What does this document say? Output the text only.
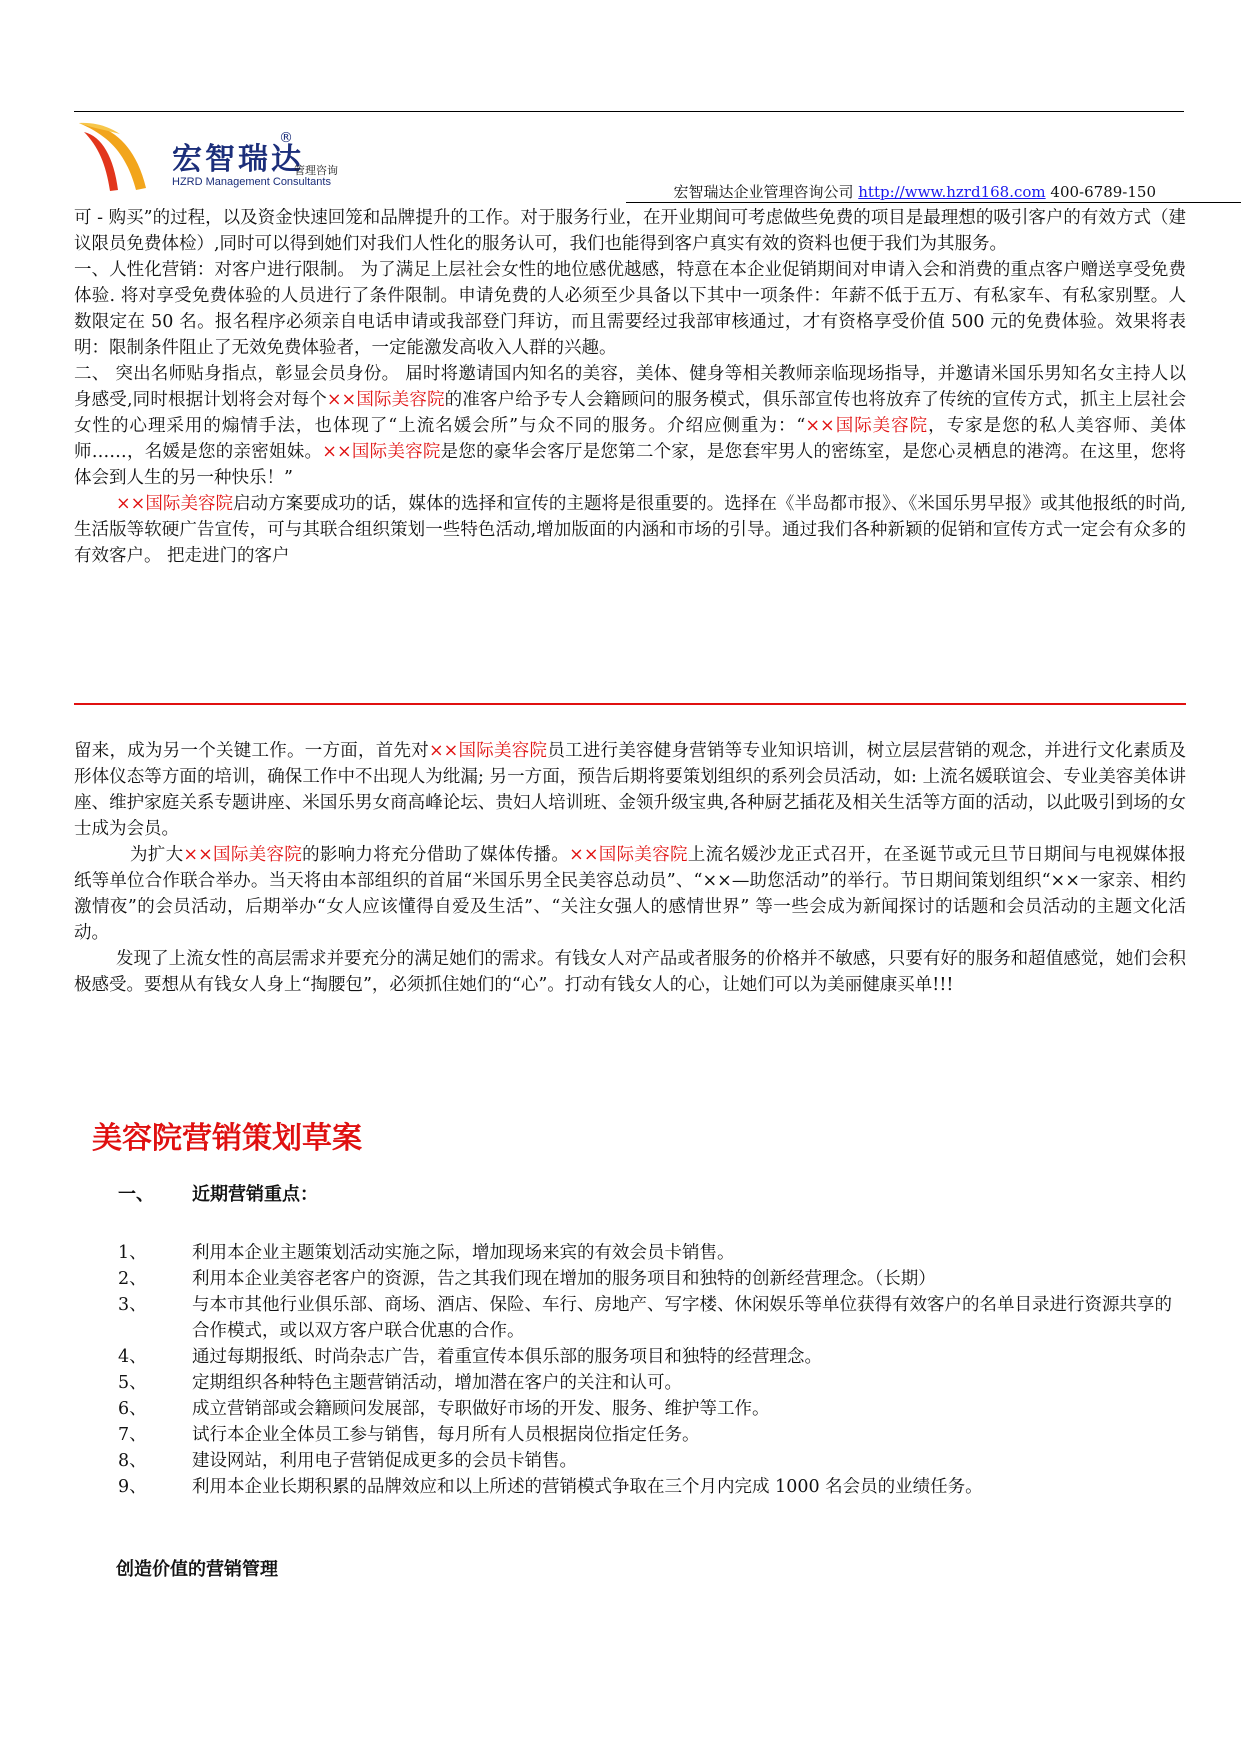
宏智瑞达
®
管理咨询
HZRD Management Consultants
宏智瑞达企业管理咨询公司 http://www.hzrd168.com 400-6789-150

可 - 购买”的过程，以及资金快速回笼和品牌提升的工作。对于服务行业，在开业期间可考虑做些免费的项目是最理想的吸引客户的有效方式（建议限员免费体检）,同时可以得到她们对我们人性化的服务认可，我们也能得到客户真实有效的资料也便于我们为其服务。

一、人性化营销：对客户进行限制。 为了满足上层社会女性的地位感优越感，特意在本企业促销期间对申请入会和消费的重点客户赠送享受免费体验. 将对享受免费体验的人员进行了条件限制。申请免费的人必须至少具备以下其中一项条件：年薪不低于五万、有私家车、有私家别墅。人数限定在 50 名。报名程序必须亲自电话申请或我部登门拜访，而且需要经过我部审核通过，才有资格享受价值 500 元的免费体验。效果将表明：限制条件阻止了无效免费体验者，一定能激发高收入人群的兴趣。

二、 突出名师贴身指点，彰显会员身份。 届时将邀请国内知名的美容，美体、健身等相关教师亲临现场指导，并邀请米国乐男知名女主持人以身感受,同时根据计划将会对每个××国际美容院的准客户给予专人会籍顾问的服务模式，俱乐部宣传也将放弃了传统的宣传方式，抓主上层社会女性的心理采用的煽情手法，也体现了“上流名媛会所”与众不同的服务。介绍应侧重为：“××国际美容院，专家是您的私人美容师、美体师……，名媛是您的亲密姐妹。××国际美容院是您的豪华会客厅是您第二个家，是您套牢男人的密练室，是您心灵栖息的港湾。在这里，您将体会到人生的另一种快乐！”

××国际美容院启动方案要成功的话，媒体的选择和宣传的主题将是很重要的。选择在《半岛都市报》、《米国乐男早报》或其他报纸的时尚,生活版等软硬广告宣传，可与其联合组织策划一些特色活动,增加版面的内涵和市场的引导。通过我们各种新颖的促销和宣传方式一定会有众多的有效客户。 把走进门的客户

留来，成为另一个关键工作。一方面，首先对××国际美容院员工进行美容健身营销等专业知识培训，树立层层营销的观念，并进行文化素质及形体仪态等方面的培训，确保工作中不出现人为纰漏; 另一方面，预告后期将要策划组织的系列会员活动，如: 上流名媛联谊会、专业美容美体讲座、维护家庭关系专题讲座、米国乐男女商高峰论坛、贵妇人培训班、金领升级宝典,各种厨艺插花及相关生活等方面的活动，以此吸引到场的女士成为会员。

为扩大××国际美容院的影响力将充分借助了媒体传播。××国际美容院上流名媛沙龙正式召开，在圣诞节或元旦节日期间与电视媒体报纸等单位合作联合举办。当天将由本部组织的首届“米国乐男全民美容总动员”、“××—助您活动”的举行。节日期间策划组织“××一家亲、相约激情夜”的会员活动，后期举办“女人应该懂得自爱及生活”、“关注女强人的感情世界” 等一些会成为新闻探讨的话题和会员活动的主题文化活动。

发现了上流女性的高层需求并要充分的满足她们的需求。有钱女人对产品或者服务的价格并不敏感，只要有好的服务和超值感觉，她们会积极感受。要想从有钱女人身上“掏腰包”，必须抓住她们的“心”。打动有钱女人的心，让她们可以为美丽健康买单!!!

美容院营销策划草案
一、 近期营销重点：
1、	利用本企业主题策划活动实施之际，增加现场来宾的有效会员卡销售。
2、	利用本企业美容老客户的资源，告之其我们现在增加的服务项目和独特的创新经营理念。（长期）
3、	与本市其他行业俱乐部、商场、酒店、保险、车行、房地产、写字楼、休闲娱乐等单位获得有效客户的名单目录进行资源共享的合作模式，或以双方客户联合优惠的合作。
4、	通过每期报纸、时尚杂志广告，着重宣传本俱乐部的服务项目和独特的经营理念。
5、	定期组织各种特色主题营销活动，增加潜在客户的关注和认可。
6、	成立营销部或会籍顾问发展部，专职做好市场的开发、服务、维护等工作。
7、	试行本企业全体员工参与销售，每月所有人员根据岗位指定任务。
8、	建设网站，利用电子营销促成更多的会员卡销售。
9、	利用本企业长期积累的品牌效应和以上所述的营销模式争取在三个月内完成 1000 名会员的业绩任务。
创造价值的营销管理
